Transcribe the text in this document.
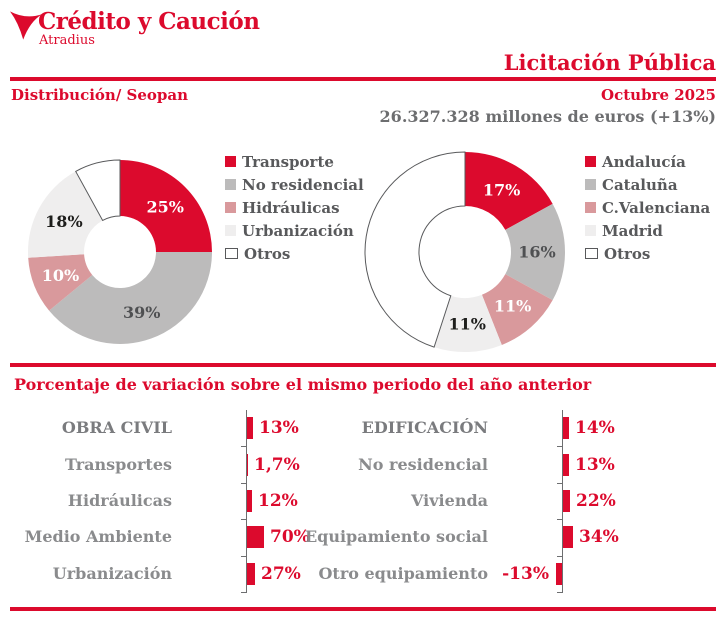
Crédito y Caución
Atradius
Licitación Pública
Distribución/ Seopan	Octubre 2025
26.327.328 millones de euros (+13%)
25%
39%
10%
18%
Transporte
No residencial
Hidráulicas
Urbanización
Otros
17%
16%
11%
11%
Andalucía
Cataluña
C.Valenciana
Madrid
Otros
Porcentaje de variación sobre el mismo periodo del año anterior
OBRA CIVIL	13%
Transportes	1,7%
Hidráulicas	12%
Medio Ambiente	70%
Urbanización	27%
EDIFICACIÓN	14%
No residencial	13%
Vivienda	22%
Equipamiento social	34%
Otro equipamiento -13%
